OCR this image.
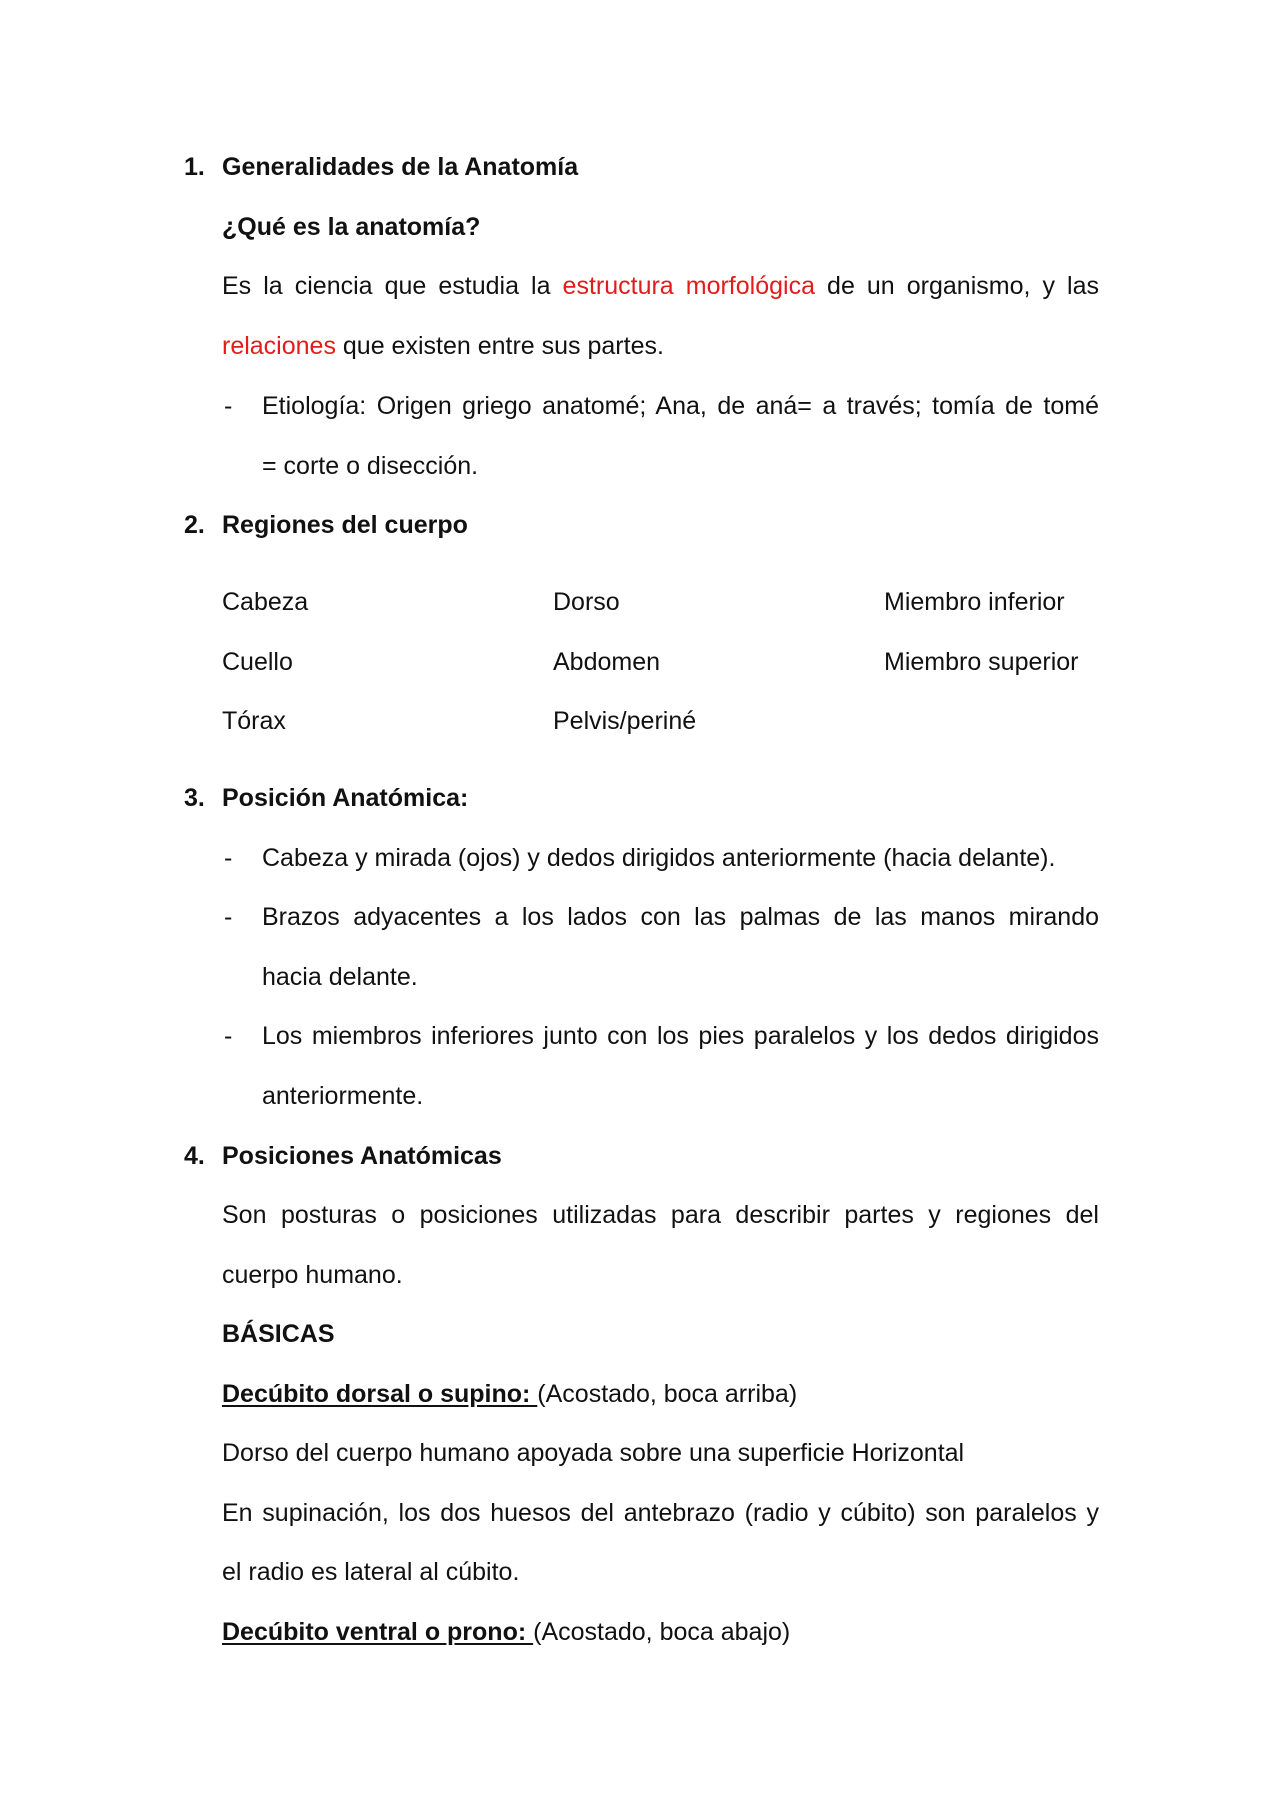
1. Generalidades de la Anatomía
¿Qué es la anatomía?
Es la ciencia que estudia la estructura morfológica de un organismo, y las
relaciones que existen entre sus partes.
- Etiología: Origen griego anatomé; Ana, de aná= a través; tomía de tomé
= corte o disección.
2. Regiones del cuerpo
Cabeza
Cuello
Tórax
Dorso
Abdomen
Pelvis/periné
Miembro inferior
Miembro superior
3. Posición Anatómica:
- Cabeza y mirada (ojos) y dedos dirigidos anteriormente (hacia delante).
- Brazos adyacentes a los lados con las palmas de las manos mirando
hacia delante.
- Los miembros inferiores junto con los pies paralelos y los dedos dirigidos
anteriormente.
4. Posiciones Anatómicas
Son posturas o posiciones utilizadas para describir partes y regiones del
cuerpo humano.
BÁSICAS
Decúbito dorsal o supino: (Acostado, boca arriba)
Dorso del cuerpo humano apoyada sobre una superficie Horizontal
En supinación, los dos huesos del antebrazo (radio y cúbito) son paralelos y
el radio es lateral al cúbito.
Decúbito ventral o prono: (Acostado, boca abajo)
